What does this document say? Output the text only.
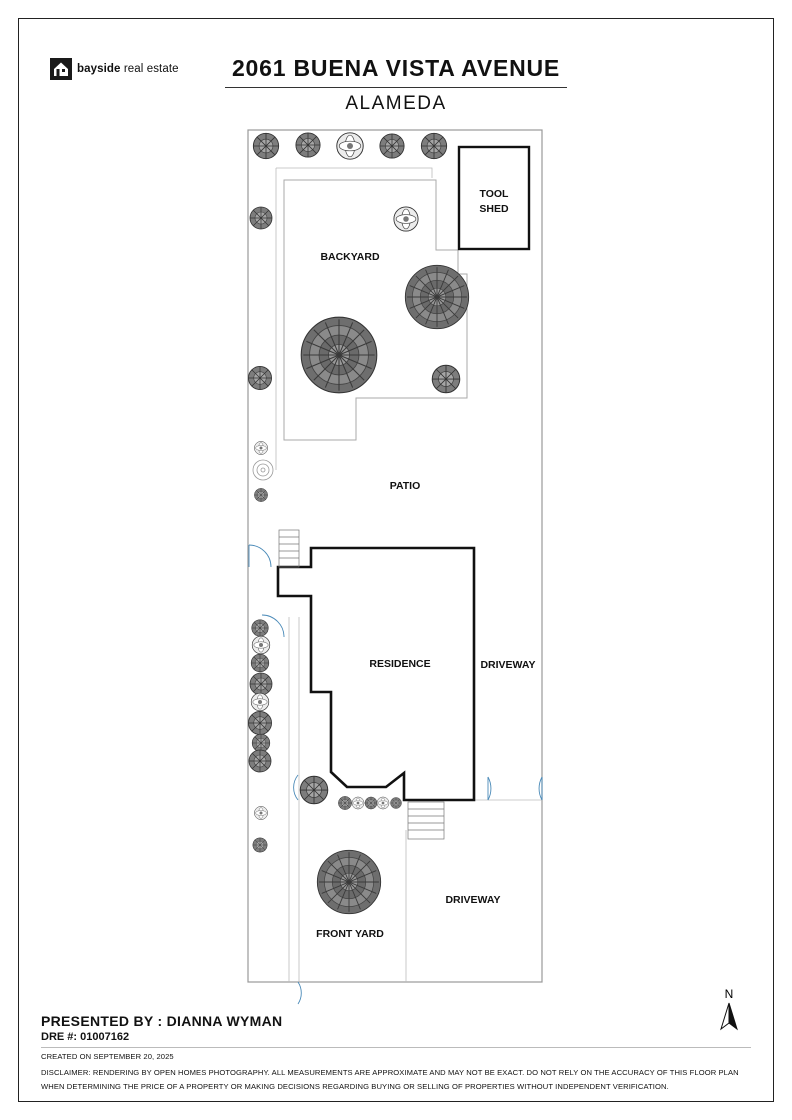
bayside real estate	2061 BUENA VISTA AVENUE
ALAMEDA
TOOL
SHED
RESIDENCE
BACKYARD
PATIO
DRIVEWAY
DRIVEWAY
FRONT YARD
N
PRESENTED BY : DIANNA WYMAN
DRE #: 01007162
CREATED ON SEPTEMBER 20, 2025
DISCLAIMER: RENDERING BY OPEN HOMES PHOTOGRAPHY. ALL MEASUREMENTS ARE APPROXIMATE AND MAY NOT BE EXACT. DO NOT RELY ON THE ACCURACY OF THIS FLOOR PLAN WHEN DETERMINING THE PRICE OF A PROPERTY OR MAKING DECISIONS REGARDING BUYING OR SELLING OF PROPERTIES WITHOUT INDEPENDENT VERIFICATION.
